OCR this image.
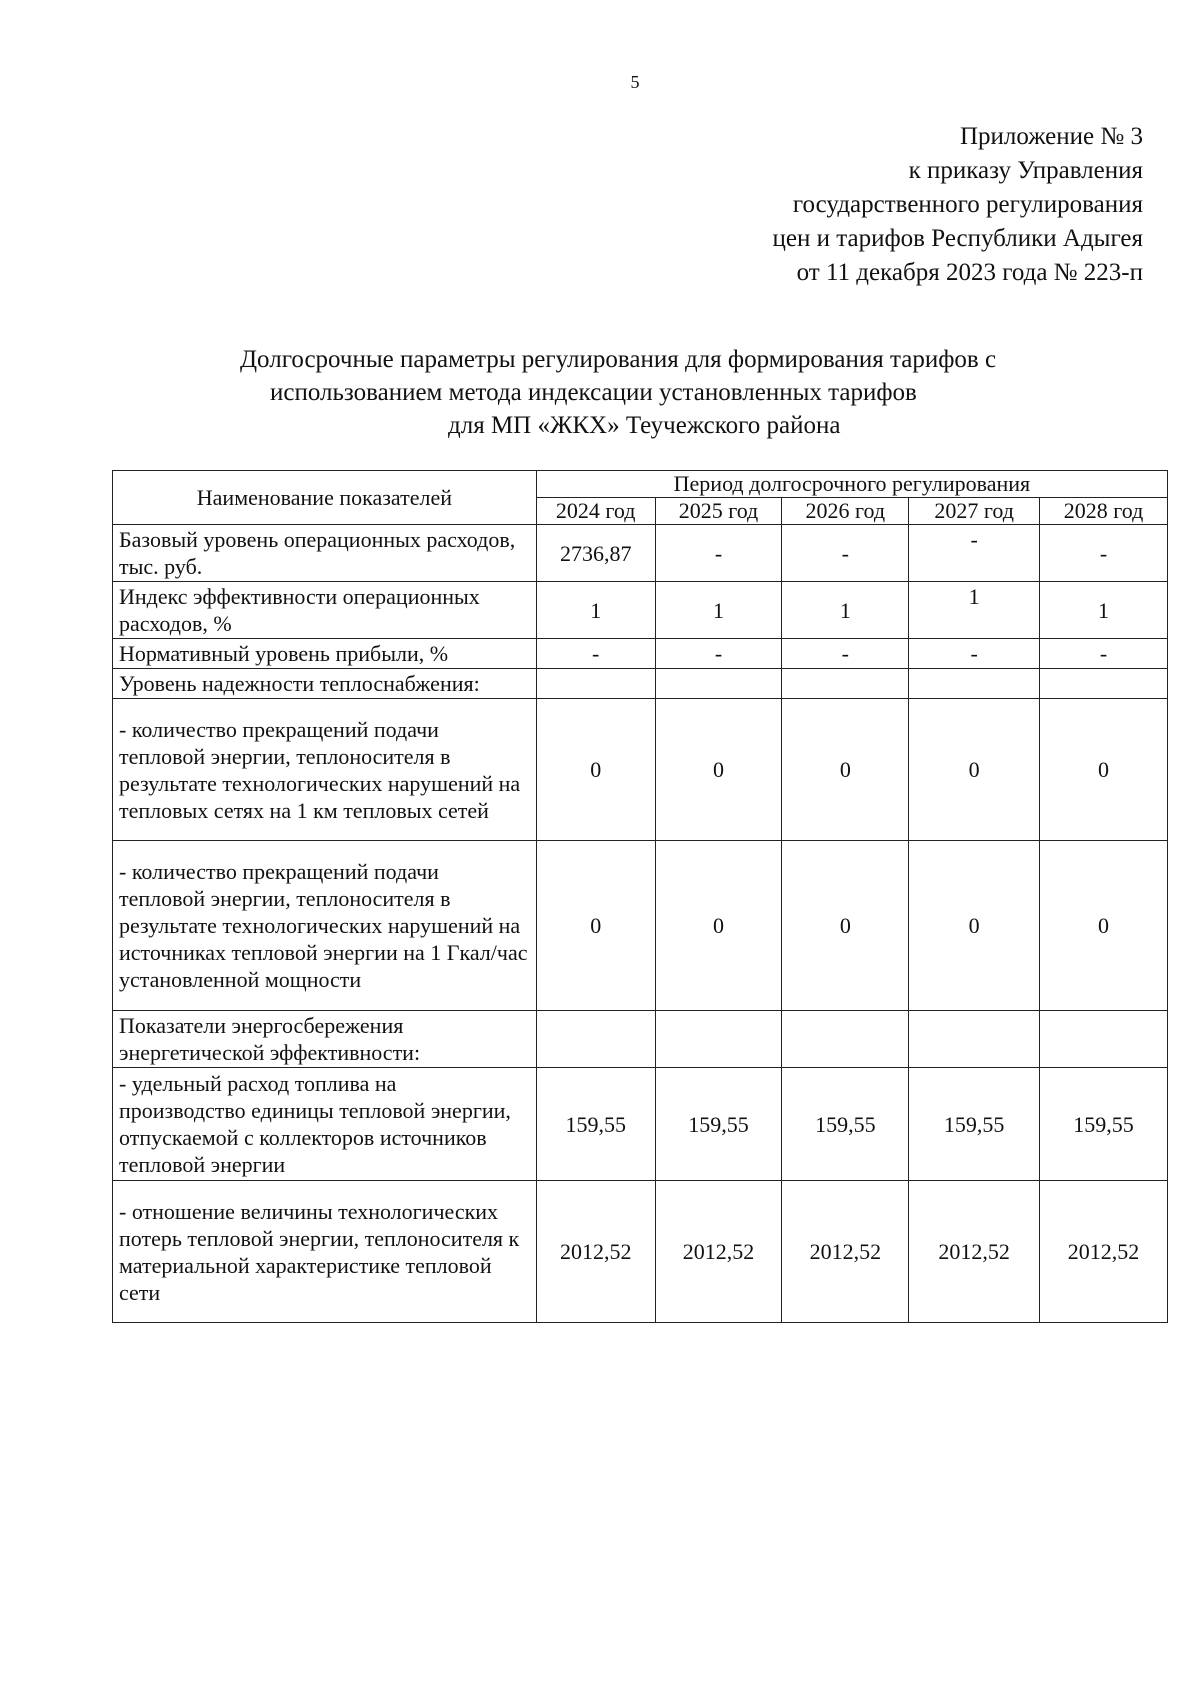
5
Приложение № 3
к приказу Управления
государственного регулирования
цен и тарифов Республики Адыгея
от 11 декабря 2023 года № 223-п
Долгосрочные параметры регулирования для формирования тарифов с
использованием метода индексации установленных тарифов
для МП «ЖКХ» Теучежского района
Наименование показателей	Период долгосрочного регулирования				
	2024 год	2025 год	2026 год	2027 год	2028 год
Базовый уровень операционных расходов, тыс. руб.	2736,87	-	-	-	-
Индекс эффективности операционных расходов, %	1	1	1	1	1
Нормативный уровень прибыли, %	-	-	-	-	-
Уровень надежности теплоснабжения:					
- количество прекращений подачи тепловой энергии, теплоносителя в результате технологических нарушений на тепловых сетях на 1 км тепловых сетей	0	0	0	0	0
- количество прекращений подачи тепловой энергии, теплоносителя в результате технологических нарушений на источниках тепловой энергии на 1 Гкал/час установленной мощности	0	0	0	0	0
Показатели энергосбережения энергетической эффективности:					
- удельный расход топлива на производство единицы тепловой энергии, отпускаемой с коллекторов источников тепловой энергии	159,55	159,55	159,55	159,55	159,55
- отношение величины технологических потерь тепловой энергии, теплоносителя к материальной характеристике тепловой сети	2012,52	2012,52	2012,52	2012,52	2012,52
